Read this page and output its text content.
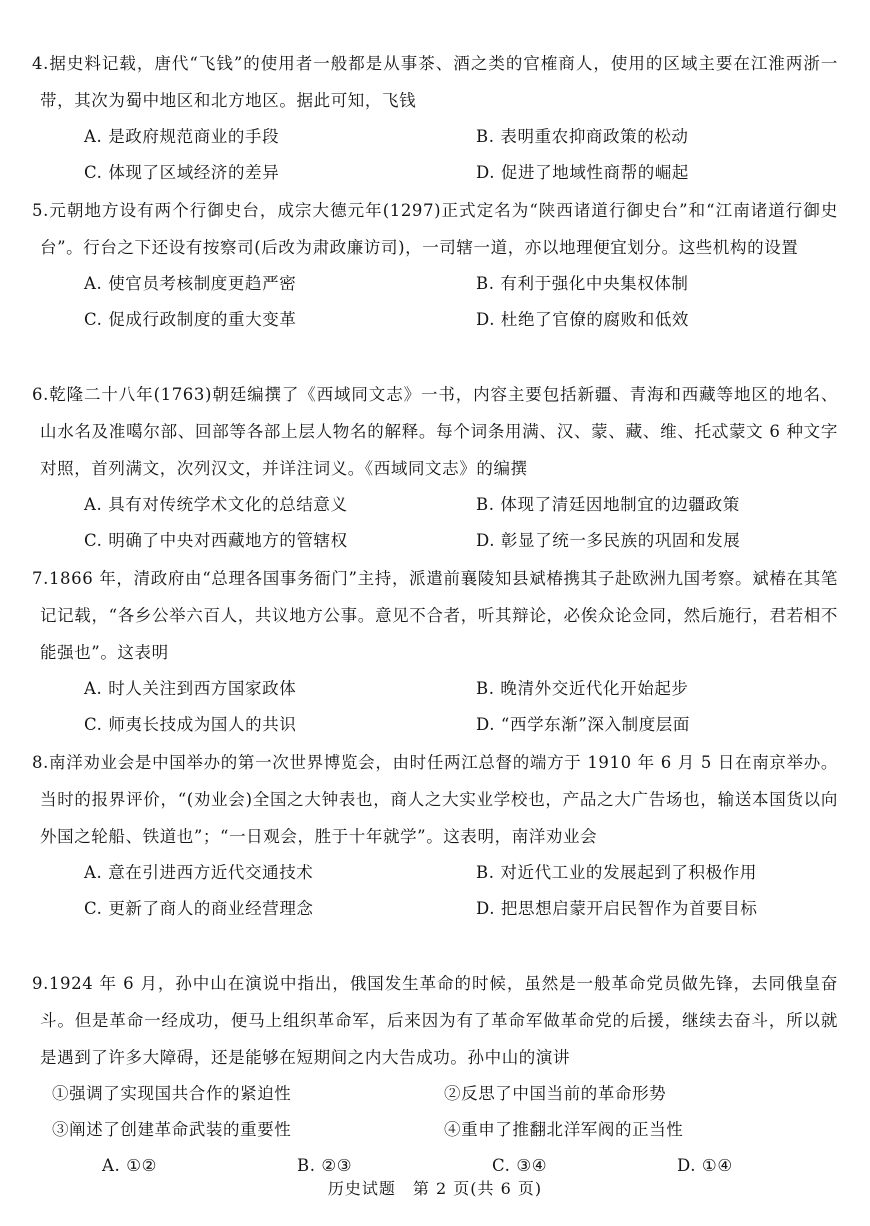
4.据史料记载，唐代“飞钱”的使用者一般都是从事茶、酒之类的官榷商人，使用的区域主要在江淮两浙一带，其次为蜀中地区和北方地区。据此可知，飞钱

A. 是政府规范商业的手段	B. 表明重农抑商政策的松动
C. 体现了区域经济的差异	D. 促进了地域性商帮的崛起

5.元朝地方设有两个行御史台，成宗大德元年(1297)正式定名为“陕西诸道行御史台”和“江南诸道行御史台”。行台之下还设有按察司(后改为肃政廉访司)，一司辖一道，亦以地理便宜划分。这些机构的设置

A. 使官员考核制度更趋严密	B. 有利于强化中央集权体制
C. 促成行政制度的重大变革	D. 杜绝了官僚的腐败和低效

6.乾隆二十八年(1763)朝廷编撰了《西域同文志》一书，内容主要包括新疆、青海和西藏等地区的地名、山水名及准噶尔部、回部等各部上层人物名的解释。每个词条用满、汉、蒙、藏、维、托忒蒙文 6 种文字对照，首列满文，次列汉文，并详注词义。《西域同文志》的编撰

A. 具有对传统学术文化的总结意义	B. 体现了清廷因地制宜的边疆政策
C. 明确了中央对西藏地方的管辖权	D. 彰显了统一多民族的巩固和发展

7.1866 年，清政府由“总理各国事务衙门”主持，派遣前襄陵知县斌椿携其子赴欧洲九国考察。斌椿在其笔记记载，“各乡公举六百人，共议地方公事。意见不合者，听其辩论，必俟众论佥同，然后施行，君若相不能强也”。这表明

A. 时人关注到西方国家政体	B. 晚清外交近代化开始起步
C. 师夷长技成为国人的共识	D. “西学东渐”深入制度层面

8.南洋劝业会是中国举办的第一次世界博览会，由时任两江总督的端方于 1910 年 6 月 5 日在南京举办。当时的报界评价，“(劝业会)全国之大钟表也，商人之大实业学校也，产品之大广告场也，输送本国货以向外国之轮船、铁道也”；“一日观会，胜于十年就学”。这表明，南洋劝业会

A. 意在引进西方近代交通技术	B. 对近代工业的发展起到了积极作用
C. 更新了商人的商业经营理念	D. 把思想启蒙开启民智作为首要目标

9.1924 年 6 月，孙中山在演说中指出，俄国发生革命的时候，虽然是一般革命党员做先锋，去同俄皇奋斗。但是革命一经成功，便马上组织革命军，后来因为有了革命军做革命党的后援，继续去奋斗，所以就是遇到了许多大障碍，还是能够在短期间之内大告成功。孙中山的演讲

①强调了实现国共合作的紧迫性	②反思了中国当前的革命形势
③阐述了创建革命武装的重要性	④重申了推翻北洋军阀的正当性
A. ①②	B. ②③	C. ③④	D. ①④
历史试题　第 2 页(共 6 页)
